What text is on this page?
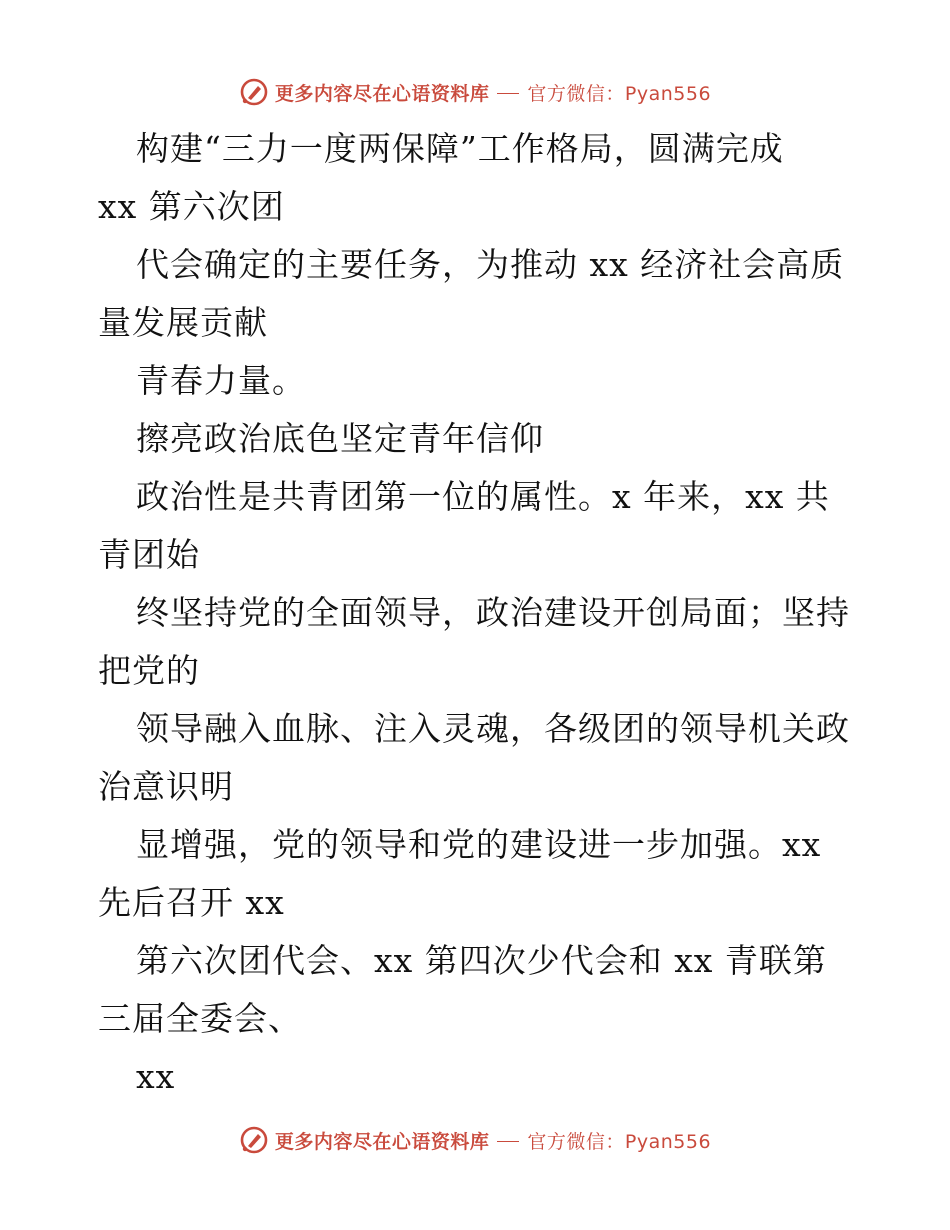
更多内容尽在心语资料库 官方微信：Pyan556
构建“三力一度两保障”工作格局，圆满完成
xx 第六次团
代会确定的主要任务，为推动 xx 经济社会高质
量发展贡献
青春力量。
擦亮政治底色坚定青年信仰
政治性是共青团第一位的属性。x 年来，xx 共
青团始
终坚持党的全面领导，政治建设开创局面；坚持
把党的
领导融入血脉、注入灵魂，各级团的领导机关政
治意识明
显增强，党的领导和党的建设进一步加强。xx
先后召开 xx
第六次团代会、xx 第四次少代会和 xx 青联第
三届全委会、
xx
更多内容尽在心语资料库 官方微信：Pyan556
